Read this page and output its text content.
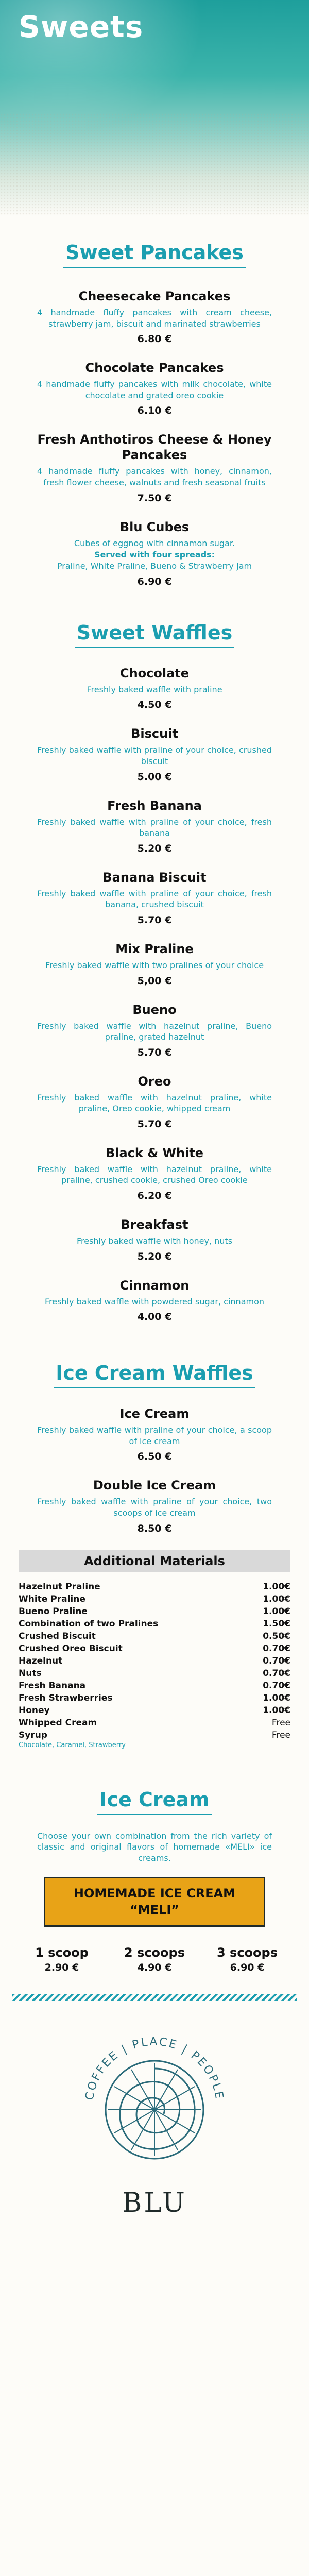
Sweets
Sweet Pancakes
Cheesecake Pancakes
4 handmade fluffy pancakes with cream cheese, strawberry jam, biscuit and marinated strawberries
6.80 €
Chocolate Pancakes
4 handmade fluffy pancakes with milk chocolate, white chocolate and grated oreo cookie
6.10 €
Fresh Anthotiros Cheese & Honey Pancakes
4 handmade fluffy pancakes with honey, cinnamon, fresh flower cheese, walnuts and fresh seasonal fruits
7.50 €
Blu Cubes
Cubes of eggnog with cinnamon sugar.
Served with four spreads:
Praline, White Praline, Bueno & Strawberry Jam
6.90 €
Sweet Waffles
Chocolate
Freshly baked waffle with praline
4.50 €
Biscuit
Freshly baked waffle with praline of your choice, crushed biscuit
5.00 €
Fresh Banana
Freshly baked waffle with praline of your choice, fresh banana
5.20 €
Banana Biscuit
Freshly baked waffle with praline of your choice, fresh banana, crushed biscuit
5.70 €
Mix Praline
Freshly baked waffle with two pralines of your choice
5,00 €
Bueno
Freshly baked waffle with hazelnut praline, Bueno praline, grated hazelnut
5.70 €
Oreo
Freshly baked waffle with hazelnut praline, white praline, Oreo cookie, whipped cream
5.70 €
Black & White
Freshly baked waffle with hazelnut praline, white praline, crushed cookie, crushed Oreo cookie
6.20 €
Breakfast
Freshly baked waffle with honey, nuts
5.20 €
Cinnamon
Freshly baked waffle with powdered sugar, cinnamon
4.00 €
Ice Cream Waffles
Ice Cream
Freshly baked waffle with praline of your choice, a scoop of ice cream
6.50 €
Double Ice Cream
Freshly baked waffle with praline of your choice, two scoops of ice cream
8.50 €
Additional Materials
Hazelnut Praline	1.00€
White Praline	1.00€
Bueno Praline	1.00€
Combination of two Pralines	1.50€
Crushed Biscuit	0.50€
Crushed Oreo Biscuit	0.70€
Hazelnut	0.70€
Nuts	0.70€
Fresh Banana	0.70€
Fresh Strawberries	1.00€
Honey	1.00€
Whipped Cream	Free
Syrup	Free
Chocolate, Caramel, Strawberry
Ice Cream
Choose your own combination from the rich variety of classic and original flavors of homemade «MELI» ice creams.
HOMEMADE ICE CREAM
“MELI”
1 scoop
2.90 €
2 scoops
4.90 €
3 scoops
6.90 €
COFFEE | PLACE | PEOPLE
BLU
